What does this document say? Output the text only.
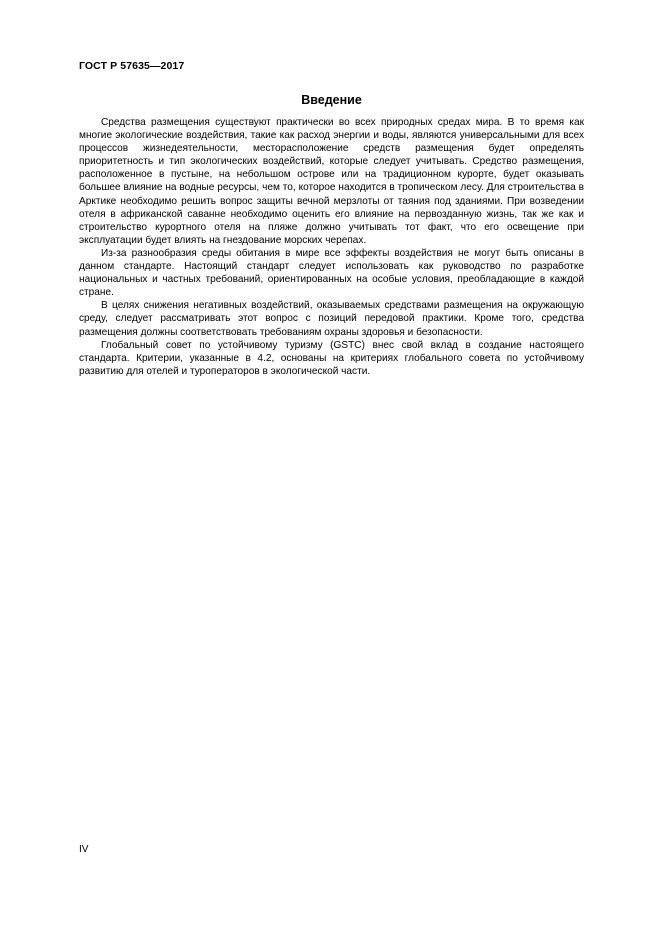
ГОСТ Р 57635—2017
Введение

Средства размещения существуют практически во всех природных средах мира. В то время как многие экологические воздействия, такие как расход энергии и воды, являются универсальными для всех процессов жизнедеятельности, месторасположение средств размещения будет определять приоритетность и тип экологических воздействий, которые следует учитывать. Средство размещения, расположенное в пустыне, на небольшом острове или на традиционном курорте, будет оказывать большее влияние на водные ресурсы, чем то, которое находится в тропическом лесу. Для строительства в Арктике необходимо решить вопрос защиты вечной мерзлоты от таяния под зданиями. При возведении отеля в африканской саванне необходимо оценить его влияние на первозданную жизнь, так же как и строительство курортного отеля на пляже должно учитывать тот факт, что его освещение при эксплуатации будет влиять на гнездование морских черепах.

Из-за разнообразия среды обитания в мире все эффекты воздействия не могут быть описаны в данном стандарте. Настоящий стандарт следует использовать как руководство по разработке национальных и частных требований, ориентированных на особые условия, преобладающие в каждой стране.

В целях снижения негативных воздействий, оказываемых средствами размещения на окружающую среду, следует рассматривать этот вопрос с позиций передовой практики. Кроме того, средства размещения должны соответствовать требованиям охраны здоровья и безопасности.

Глобальный совет по устойчивому туризму (GSTC) внес свой вклад в создание настоящего стандарта. Критерии, указанные в 4.2, основаны на критериях глобального совета по устойчивому развитию для отелей и туроператоров в экологической части.

IV
